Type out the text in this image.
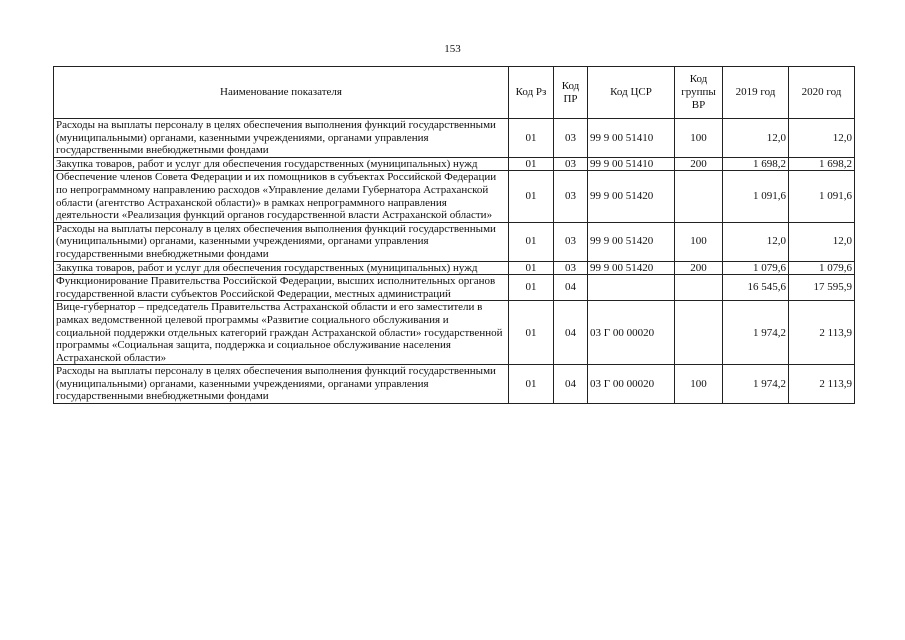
153
Наименование показателя	Код Рз	Код ПР	Код ЦСР	Код группы ВР	2019 год	2020 год
Расходы на выплаты персоналу в целях обеспечения выполнения функций государственными (муниципальными) органами, казенными учреждениями, органами управления государственными внебюджетными фондами	01	03	99 9 00 51410	100	12,0	12,0
Закупка товаров, работ и услуг для обеспечения государственных (муниципальных) нужд	01	03	99 9 00 51410	200	1 698,2	1 698,2
Обеспечение членов Совета Федерации и их помощников в субъектах Российской Федерации по непрограммному направлению расходов «Управление делами Губернатора Астраханской области (агентство Астраханской области)» в рамках непрограммного направления деятельности «Реализация функций органов государственной власти Астраханской области»	01	03	99 9 00 51420		1 091,6	1 091,6
Расходы на выплаты персоналу в целях обеспечения выполнения функций государственными (муниципальными) органами, казенными учреждениями, органами управления государственными внебюджетными фондами	01	03	99 9 00 51420	100	12,0	12,0
Закупка товаров, работ и услуг для обеспечения государственных (муниципальных) нужд	01	03	99 9 00 51420	200	1 079,6	1 079,6
Функционирование Правительства Российской Федерации, высших исполнительных органов государственной власти субъектов Российской Федерации, местных администраций	01	04			16 545,6	17 595,9
Вице-губернатор – председатель Правительства Астраханской области и его заместители в рамках ведомственной целевой программы «Развитие социального обслуживания и социальной поддержки отдельных категорий граждан Астраханской области» государственной программы «Социальная защита, поддержка и социальное обслуживание населения Астраханской области»	01	04	03 Г 00 00020		1 974,2	2 113,9
Расходы на выплаты персоналу в целях обеспечения выполнения функций государственными (муниципальными) органами, казенными учреждениями, органами управления государственными внебюджетными фондами	01	04	03 Г 00 00020	100	1 974,2	2 113,9
